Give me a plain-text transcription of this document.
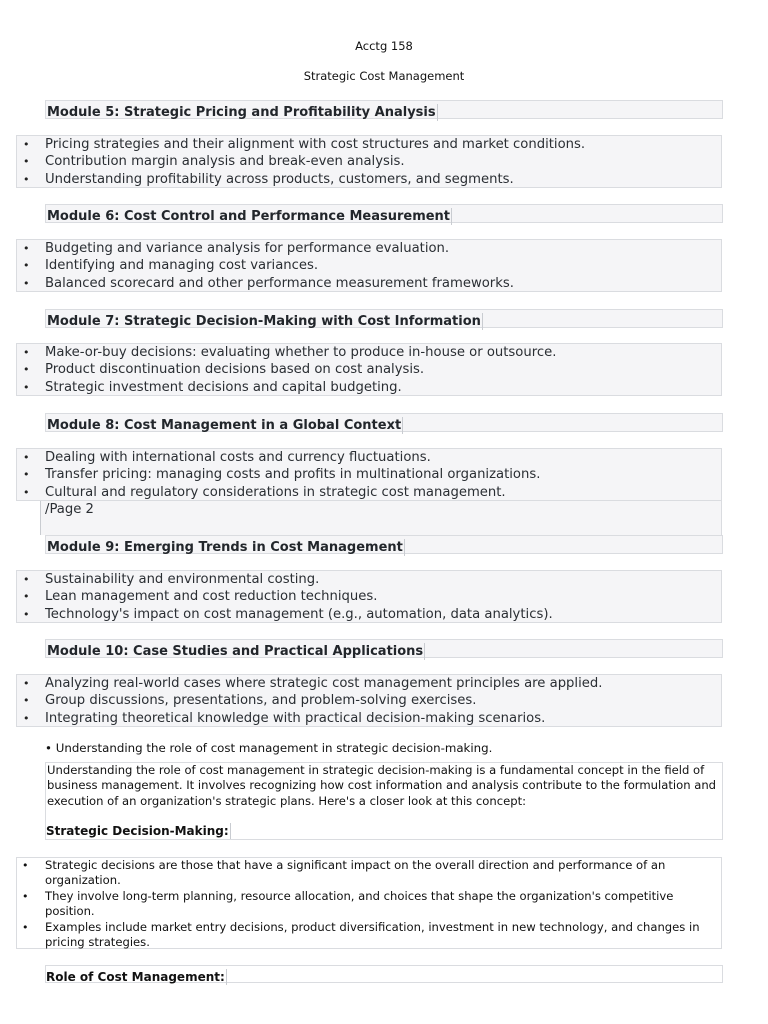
Acctg 158
Strategic Cost Management
Module 5: Strategic Pricing and Profitability Analysis
• Pricing strategies and their alignment with cost structures and market conditions.
• Contribution margin analysis and break-even analysis.
• Understanding profitability across products, customers, and segments.
Module 6: Cost Control and Performance Measurement
• Budgeting and variance analysis for performance evaluation.
• Identifying and managing cost variances.
• Balanced scorecard and other performance measurement frameworks.
Module 7: Strategic Decision-Making with Cost Information
• Make-or-buy decisions: evaluating whether to produce in-house or outsource.
• Product discontinuation decisions based on cost analysis.
• Strategic investment decisions and capital budgeting.
Module 8: Cost Management in a Global Context
• Dealing with international costs and currency fluctuations.
• Transfer pricing: managing costs and profits in multinational organizations.
• Cultural and regulatory considerations in strategic cost management.
/Page 2
Module 9: Emerging Trends in Cost Management
• Sustainability and environmental costing.
• Lean management and cost reduction techniques.
• Technology's impact on cost management (e.g., automation, data analytics).
Module 10: Case Studies and Practical Applications
• Analyzing real-world cases where strategic cost management principles are applied.
• Group discussions, presentations, and problem-solving exercises.
• Integrating theoretical knowledge with practical decision-making scenarios.
• Understanding the role of cost management in strategic decision-making.
Understanding the role of cost management in strategic decision-making is a fundamental concept in the field of business management. It involves recognizing how cost information and analysis contribute to the formulation and execution of an organization's strategic plans. Here's a closer look at this concept:
Strategic Decision-Making:
• Strategic decisions are those that have a significant impact on the overall direction and performance of an organization.
• They involve long-term planning, resource allocation, and choices that shape the organization's competitive position.
• Examples include market entry decisions, product diversification, investment in new technology, and changes in pricing strategies.
Role of Cost Management:
